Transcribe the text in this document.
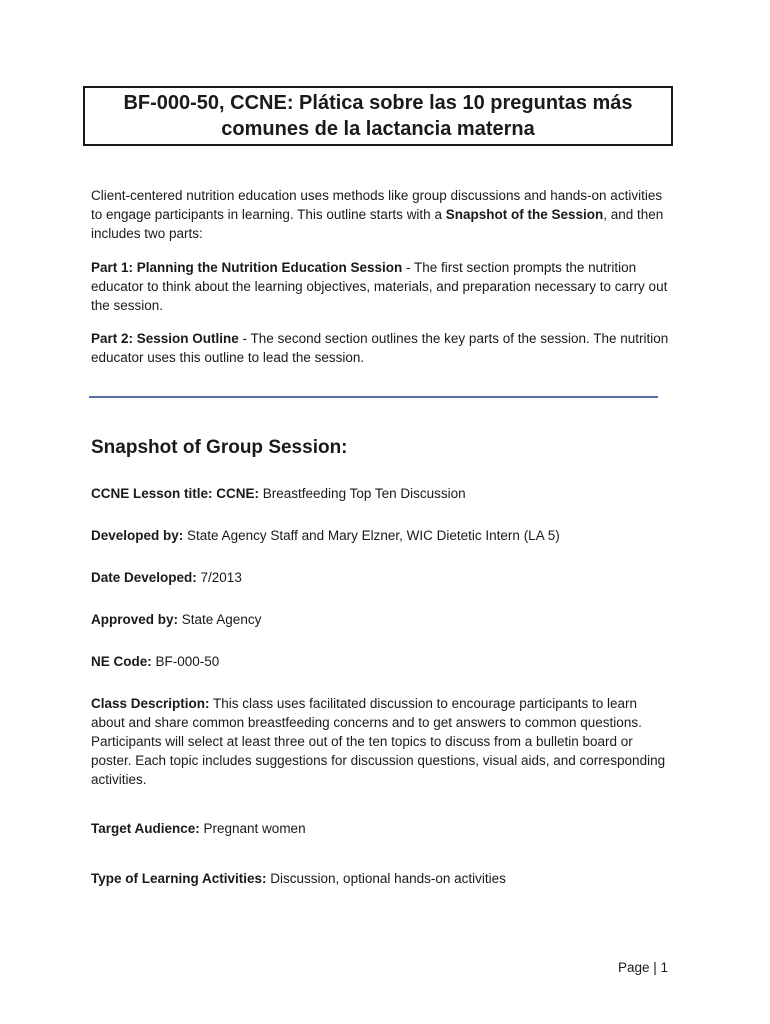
BF-000-50, CCNE: Plática sobre las 10 preguntas más
comunes de la lactancia materna

Client-centered nutrition education uses methods like group discussions and hands-on activities to engage participants in learning. This outline starts with a Snapshot of the Session, and then includes two parts:

Part 1: Planning the Nutrition Education Session - The first section prompts the nutrition educator to think about the learning objectives, materials, and preparation necessary to carry out the session.

Part 2: Session Outline - The second section outlines the key parts of the session. The nutrition educator uses this outline to lead the session.

Snapshot of Group Session:

CCNE Lesson title: CCNE: Breastfeeding Top Ten Discussion

Developed by: State Agency Staff and Mary Elzner, WIC Dietetic Intern (LA 5)

Date Developed: 7/2013

Approved by: State Agency

NE Code: BF-000-50

Class Description: This class uses facilitated discussion to encourage participants to learn about and share common breastfeeding concerns and to get answers to common questions. Participants will select at least three out of the ten topics to discuss from a bulletin board or poster. Each topic includes suggestions for discussion questions, visual aids, and corresponding activities.

Target Audience: Pregnant women

Type of Learning Activities: Discussion, optional hands-on activities

Page | 1
